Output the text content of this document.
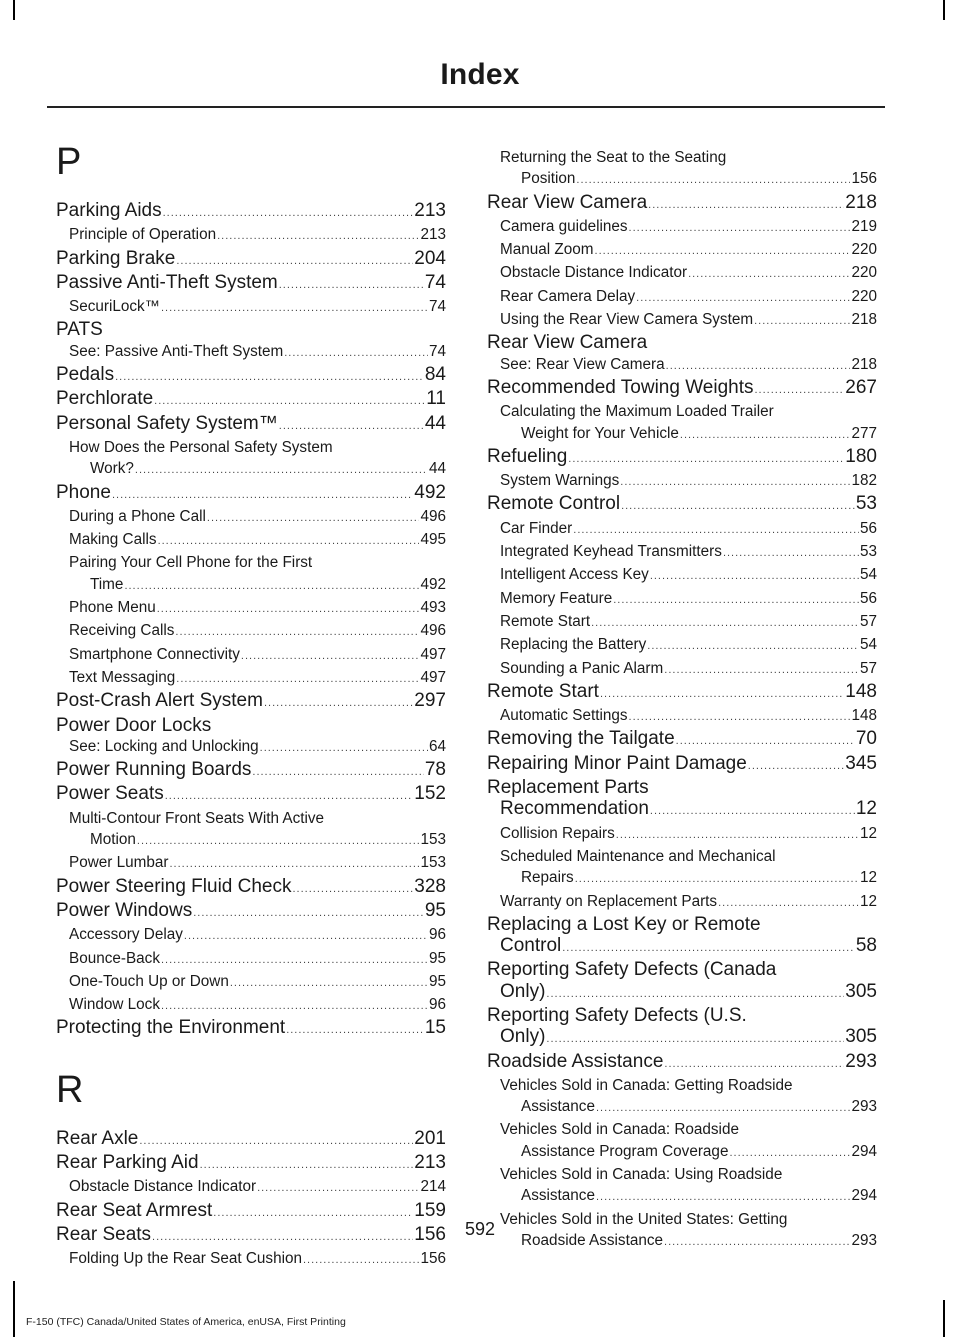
Index
P
Parking Aids .....	213
Principle of Operation .....	213
Parking Brake .....	204
Passive Anti-Theft System .....	74
SecuriLock™ .....	74
PATS
See: Passive Anti-Theft System .....	74
Pedals .....	84
Perchlorate .....	11
Personal Safety System™ .....	44
How Does the Personal Safety System
Work? .....	44
Phone .....	492
During a Phone Call .....	496
Making Calls .....	495
Pairing Your Cell Phone for the First
Time .....	492
Phone Menu .....	493
Receiving Calls .....	496
Smartphone Connectivity .....	497
Text Messaging .....	497
Post-Crash Alert System .....	297
Power Door Locks
See: Locking and Unlocking .....	64
Power Running Boards .....	78
Power Seats .....	152
Multi-Contour Front Seats With Active
Motion .....	153
Power Lumbar .....	153
Power Steering Fluid Check .....	328
Power Windows .....	95
Accessory Delay .....	96
Bounce-Back .....	95
One-Touch Up or Down .....	95
Window Lock .....	96
Protecting the Environment .....	15
R
Rear Axle .....	201
Rear Parking Aid .....	213
Obstacle Distance Indicator .....	214
Rear Seat Armrest .....	159
Rear Seats .....	156
Folding Up the Rear Seat Cushion .....	156
Returning the Seat to the Seating
Position .....	156
Rear View Camera .....	218
Camera guidelines .....	219
Manual Zoom .....	220
Obstacle Distance Indicator .....	220
Rear Camera Delay .....	220
Using the Rear View Camera System .....	218
Rear View Camera
See: Rear View Camera .....	218
Recommended Towing Weights .....	267
Calculating the Maximum Loaded Trailer
Weight for Your Vehicle .....	277
Refueling .....	180
System Warnings .....	182
Remote Control .....	53
Car Finder .....	56
Integrated Keyhead Transmitters .....	53
Intelligent Access Key .....	54
Memory Feature .....	56
Remote Start .....	57
Replacing the Battery .....	54
Sounding a Panic Alarm .....	57
Remote Start .....	148
Automatic Settings .....	148
Removing the Tailgate .....	70
Repairing Minor Paint Damage .....	345
Replacement Parts
Recommendation .....	12
Collision Repairs .....	12
Scheduled Maintenance and Mechanical
Repairs .....	12
Warranty on Replacement Parts .....	12
Replacing a Lost Key or Remote
Control .....	58
Reporting Safety Defects (Canada
Only) .....	305
Reporting Safety Defects (U.S.
Only) .....	305
Roadside Assistance .....	293
Vehicles Sold in Canada: Getting Roadside
Assistance .....	293
Vehicles Sold in Canada: Roadside
Assistance Program Coverage .....	294
Vehicles Sold in Canada: Using Roadside
Assistance .....	294
Vehicles Sold in the United States: Getting
Roadside Assistance .....	293
592
F-150 (TFC) Canada/United States of America, enUSA, First Printing
